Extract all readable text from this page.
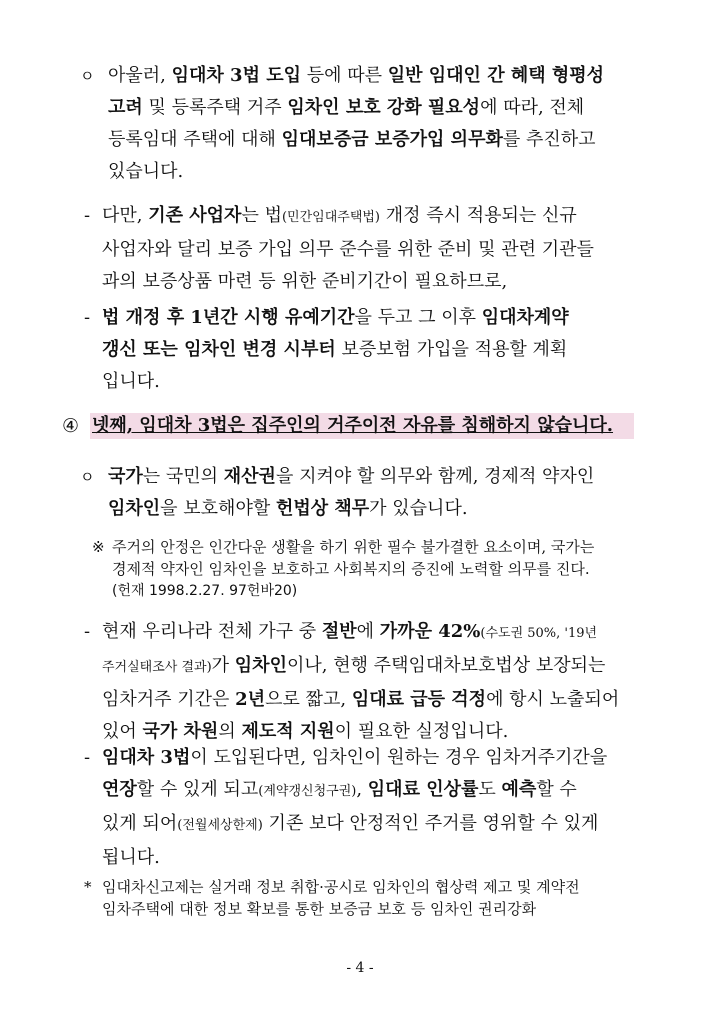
ㅇ 아울러, 임대차 3법 도입 등에 따른 일반 임대인 간 혜택 형평성
고려 및 등록주택 거주 임차인 보호 강화 필요성에 따라, 전체
등록임대 주택에 대해 임대보증금 보증가입 의무화를 추진하고
있습니다.
- 다만, 기존 사업자는 법(민간임대주택법) 개정 즉시 적용되는 신규
사업자와 달리 보증 가입 의무 준수를 위한 준비 및 관련 기관들
과의 보증상품 마련 등 위한 준비기간이 필요하므로,
- 법 개정 후 1년간 시행 유예기간을 두고 그 이후 임대차계약
갱신 또는 임차인 변경 시부터 보증보험 가입을 적용할 계획
입니다.
④ 넷째, 임대차 3법은 집주인의 거주이전 자유를 침해하지 않습니다.
ㅇ 국가는 국민의 재산권을 지켜야 할 의무와 함께, 경제적 약자인
임차인을 보호해야할 헌법상 책무가 있습니다.
※ 주거의 안정은 인간다운 생활을 하기 위한 필수 불가결한 요소이며, 국가는
경제적 약자인 임차인을 보호하고 사회복지의 증진에 노력할 의무를 진다.
(헌재 1998.2.27. 97헌바20)
- 현재 우리나라 전체 가구 중 절반에 가까운 42%(수도권 50%, '19년
주거실태조사 결과)가 임차인이나, 현행 주택임대차보호법상 보장되는
임차거주 기간은 2년으로 짧고, 임대료 급등 걱정에 항시 노출되어
있어 국가 차원의 제도적 지원이 필요한 실정입니다.
- 임대차 3법이 도입된다면, 임차인이 원하는 경우 임차거주기간을
연장할 수 있게 되고(계약갱신청구권), 임대료 인상률도 예측할 수
있게 되어(전월세상한제) 기존 보다 안정적인 주거를 영위할 수 있게
됩니다.
* 임대차신고제는 실거래 정보 취합·공시로 임차인의 협상력 제고 및 계약전
임차주택에 대한 정보 확보를 통한 보증금 보호 등 임차인 권리강화
- 4 -
